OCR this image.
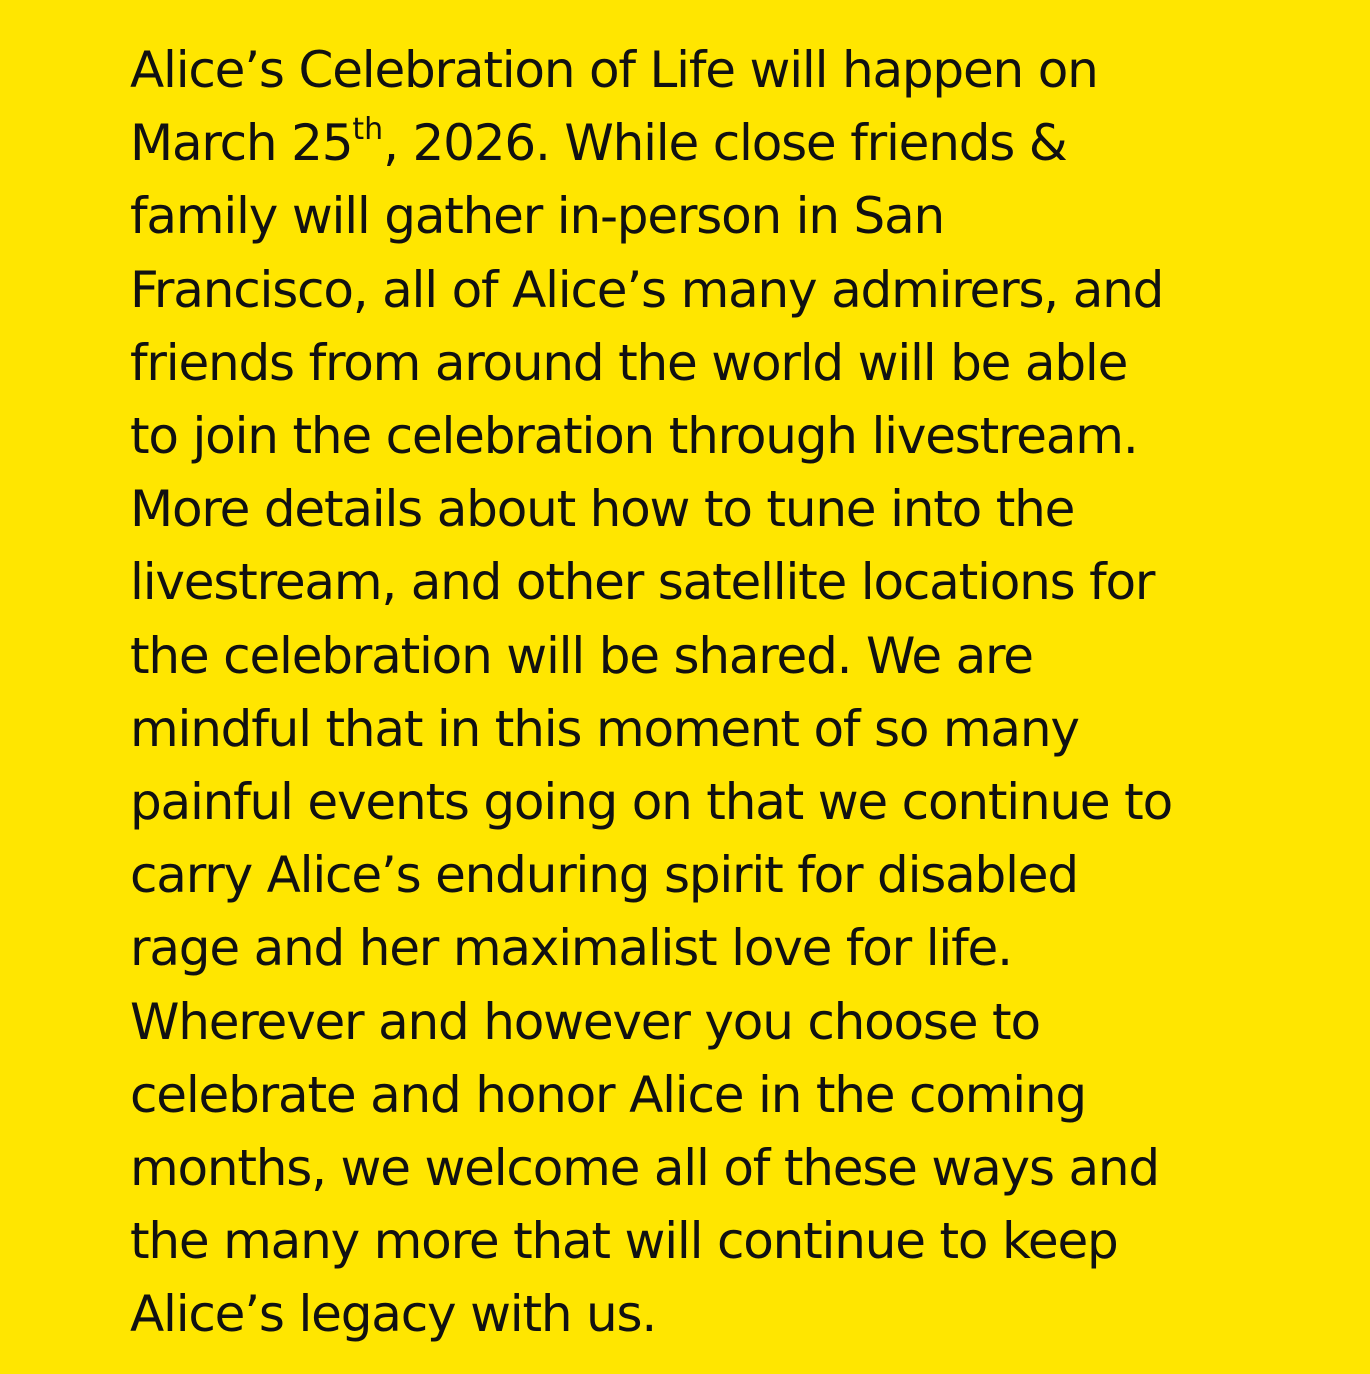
Alice’s Celebration of Life will happen on
March 25th, 2026. While close friends &
family will gather in-person in San
Francisco, all of Alice’s many admirers, and
friends from around the world will be able
to join the celebration through livestream.
More details about how to tune into the
livestream, and other satellite locations for
the celebration will be shared. We are
mindful that in this moment of so many
painful events going on that we continue to
carry Alice’s enduring spirit for disabled
rage and her maximalist love for life.
Wherever and however you choose to
celebrate and honor Alice in the coming
months, we welcome all of these ways and
the many more that will continue to keep
Alice’s legacy with us.
